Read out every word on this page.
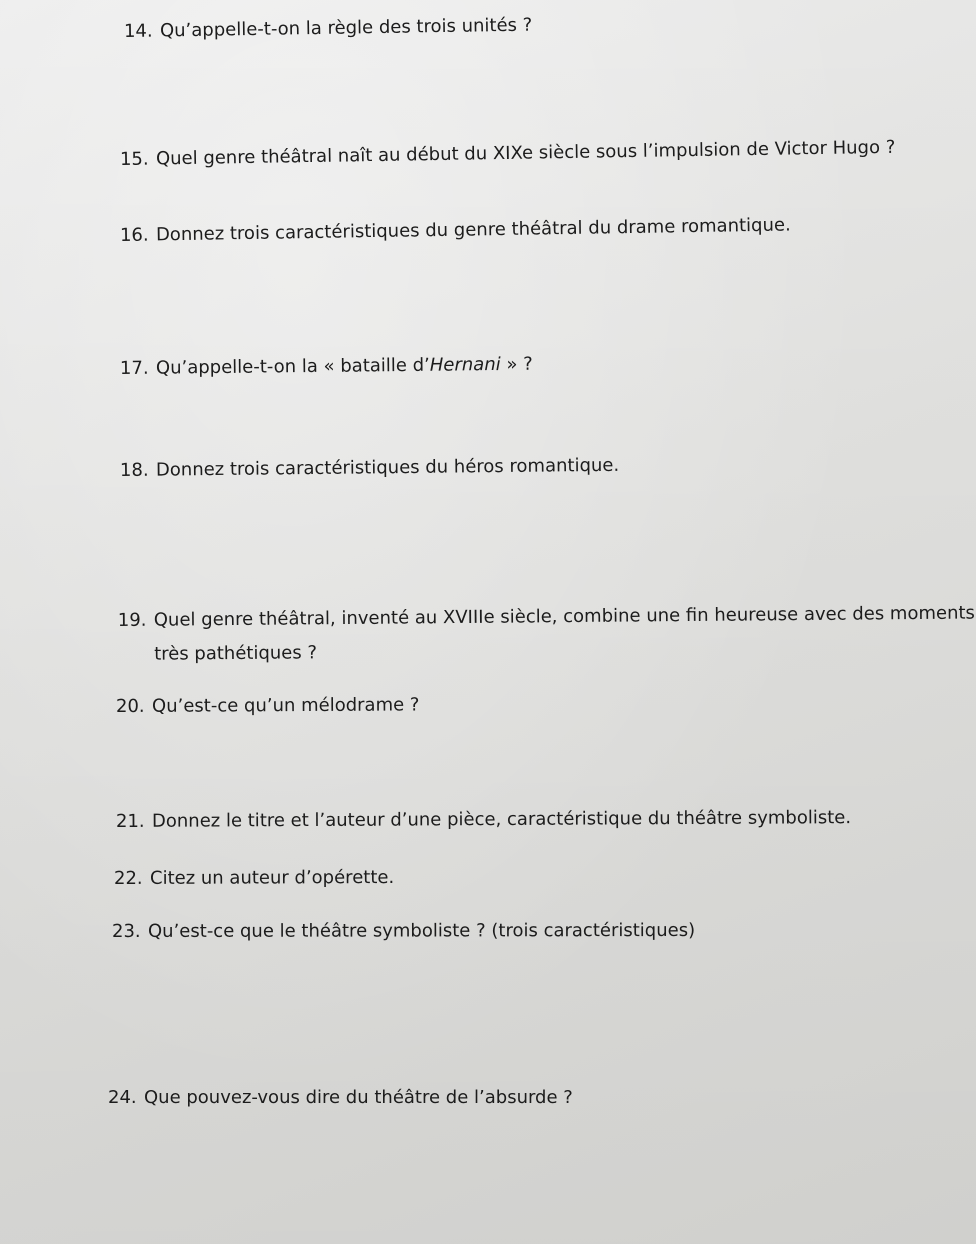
14. Qu’appelle-t-on la règle des trois unités ?
15. Quel genre théâtral naît au début du XIXe siècle sous l’impulsion de Victor Hugo ?
16. Donnez trois caractéristiques du genre théâtral du drame romantique.
17. Qu’appelle-t-on la « bataille d’Hernani » ?
18. Donnez trois caractéristiques du héros romantique.
19. Quel genre théâtral, inventé au XVIIIe siècle, combine une fin heureuse avec des moments
très pathétiques ?
20. Qu’est-ce qu’un mélodrame ?
21. Donnez le titre et l’auteur d’une pièce, caractéristique du théâtre symboliste.
22. Citez un auteur d’opérette.
23. Qu’est-ce que le théâtre symboliste ? (trois caractéristiques)
24. Que pouvez-vous dire du théâtre de l’absurde ?
